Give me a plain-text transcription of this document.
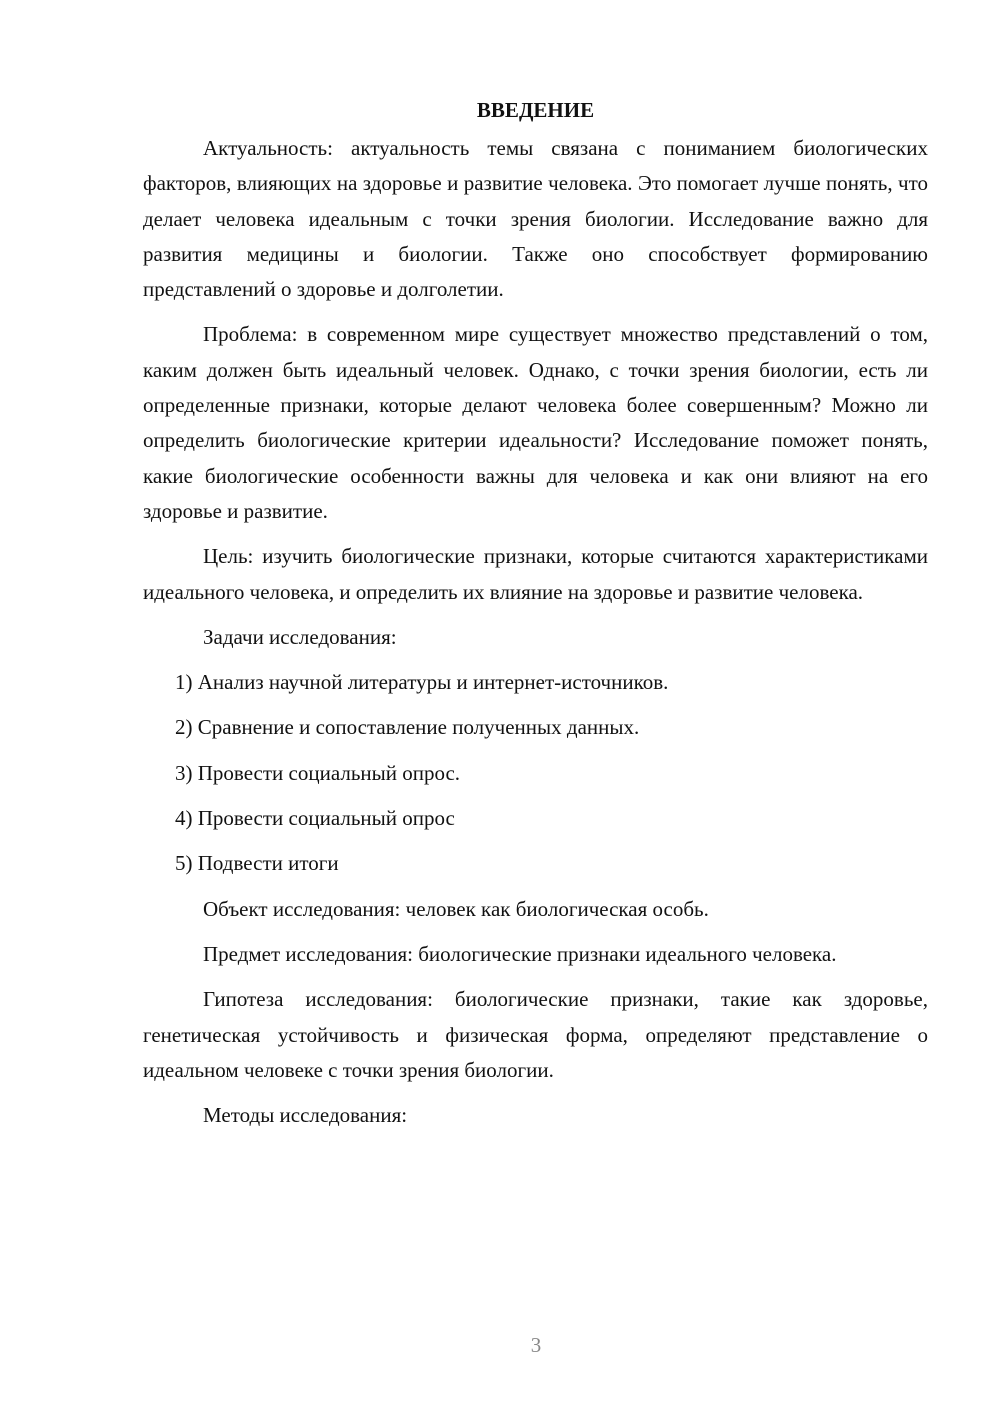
ВВЕДЕНИЕ

Актуальность: актуальность темы связана с пониманием биологических факторов, влияющих на здоровье и развитие человека. Это помогает лучше понять, что делает человека идеальным с точки зрения биологии. Исследование важно для развития медицины и биологии. Также оно способствует формированию представлений о здоровье и долголетии.

Проблема: в современном мире существует множество представлений о том, каким должен быть идеальный человек. Однако, с точки зрения биологии, есть ли определенные признаки, которые делают человека более совершенным? Можно ли определить биологические критерии идеальности? Исследование поможет понять, какие биологические особенности важны для человека и как они влияют на его здоровье и развитие.

Цель: изучить биологические признаки, которые считаются характеристиками идеального человека, и определить их влияние на здоровье и развитие человека.

Задачи исследования:

1) Анализ научной литературы и интернет-источников.

2) Сравнение и сопоставление полученных данных.

3) Провести социальный опрос.

4) Провести социальный опрос

5) Подвести итоги

Объект исследования: человек как биологическая особь.

Предмет исследования: биологические признаки идеального человека.

Гипотеза исследования: биологические признаки, такие как здоровье, генетическая устойчивость и физическая форма, определяют представление о идеальном человеке с точки зрения биологии.

Методы исследования:

3
